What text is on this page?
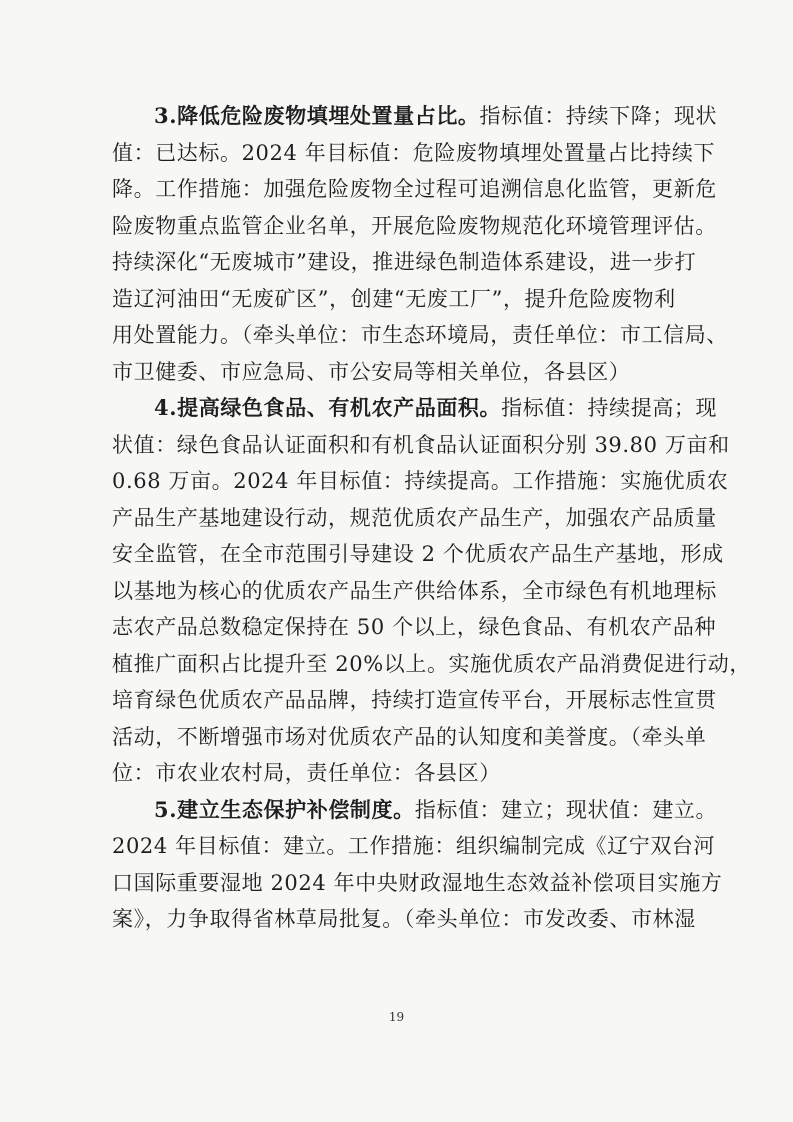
3.降低危险废物填埋处置量占比。指标值：持续下降；现状

值：已达标。2024 年目标值：危险废物填埋处置量占比持续下

降。工作措施：加强危险废物全过程可追溯信息化监管，更新危

险废物重点监管企业名单，开展危险废物规范化环境管理评估。

持续深化“无废城市”建设，推进绿色制造体系建设，进一步打

造辽河油田“无废矿区”，创建“无废工厂”，提升危险废物利

用处置能力。（牵头单位：市生态环境局，责任单位：市工信局、

市卫健委、市应急局、市公安局等相关单位，各县区）

4.提高绿色食品、有机农产品面积。指标值：持续提高；现

状值：绿色食品认证面积和有机食品认证面积分别 39.80 万亩和

0.68 万亩。2024 年目标值：持续提高。工作措施：实施优质农

产品生产基地建设行动，规范优质农产品生产，加强农产品质量

安全监管，在全市范围引导建设 2 个优质农产品生产基地，形成

以基地为核心的优质农产品生产供给体系，全市绿色有机地理标

志农产品总数稳定保持在 50 个以上，绿色食品、有机农产品种

植推广面积占比提升至 20%以上。实施优质农产品消费促进行动，

培育绿色优质农产品品牌，持续打造宣传平台，开展标志性宣贯

活动，不断增强市场对优质农产品的认知度和美誉度。（牵头单

位：市农业农村局，责任单位：各县区）

5.建立生态保护补偿制度。指标值：建立；现状值：建立。

2024 年目标值：建立。工作措施：组织编制完成《辽宁双台河

口国际重要湿地 2024 年中央财政湿地生态效益补偿项目实施方

案》，力争取得省林草局批复。（牵头单位：市发改委、市林湿

19
